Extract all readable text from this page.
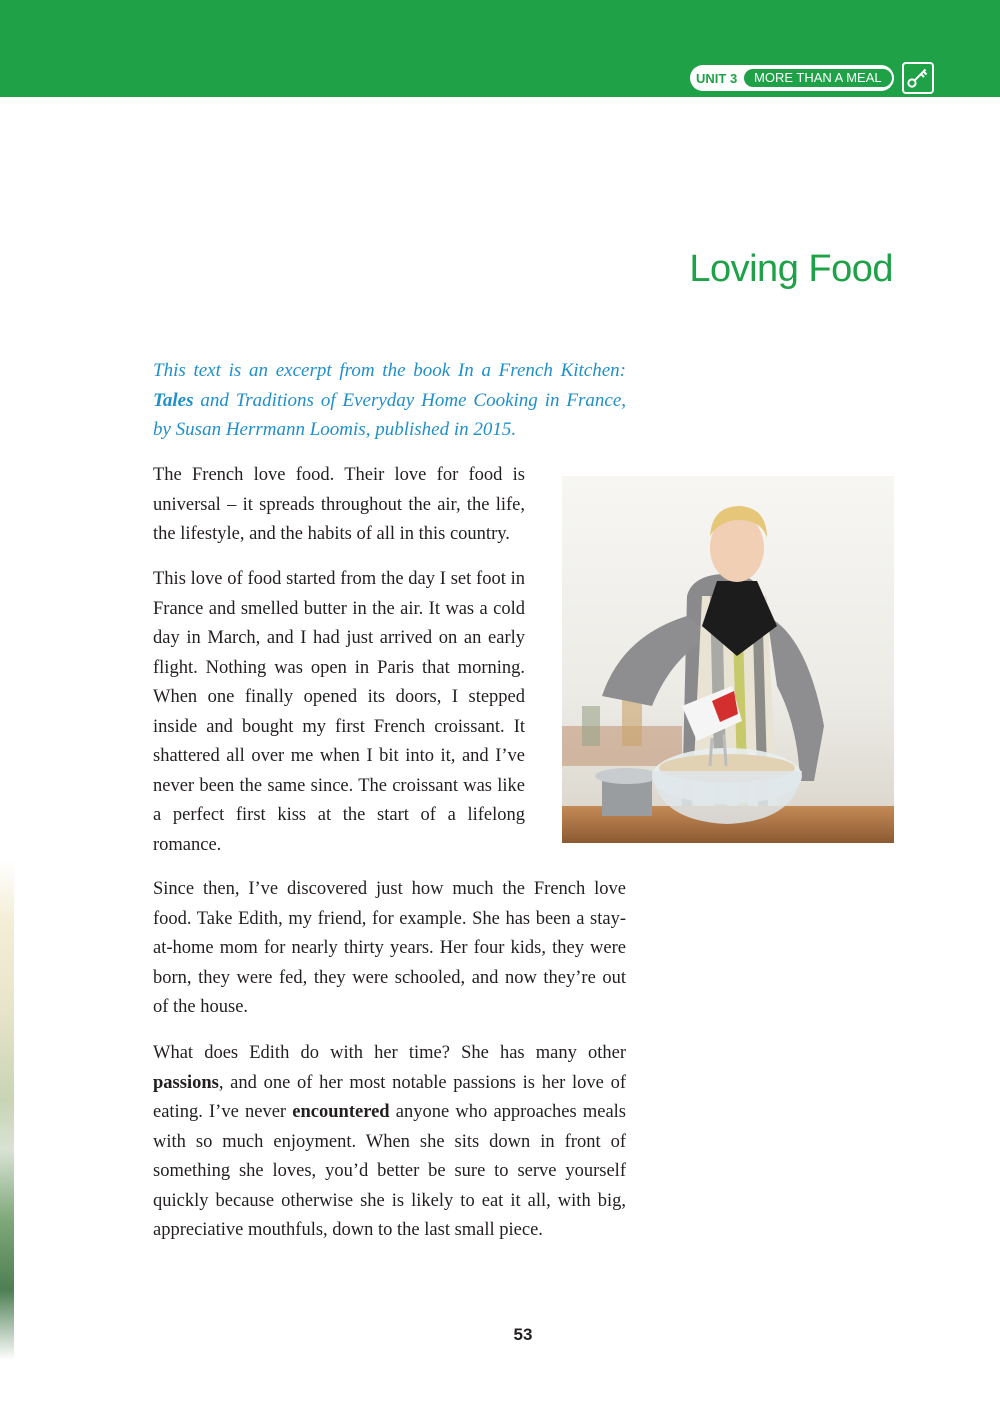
UNIT 3	MORE THAN A MEAL
Loving Food

This text is an excerpt from the book In a French Kitchen: Tales and Traditions of Everyday Home Cooking in France, by Susan Herrmann Loomis, published in 2015.

The French love food. Their love for food is universal – it spreads throughout the air, the life, the lifestyle, and the habits of all in this country.

This love of food started from the day I set foot in France and smelled butter in the air. It was a cold day in March, and I had just arrived on an early flight. Nothing was open in Paris that morning. When one finally opened its doors, I stepped inside and bought my first French croissant. It shattered all over me when I bit into it, and I’ve never been the same since. The croissant was like a perfect first kiss at the start of a lifelong romance.

Since then, I’ve discovered just how much the French love food. Take Edith, my friend, for example. She has been a stay-at-home mom for nearly thirty years. Her four kids, they were born, they were fed, they were schooled, and now they’re out of the house.

What does Edith do with her time? She has many other passions, and one of her most notable passions is her love of eating. I’ve never encountered anyone who approaches meals with so much enjoyment. When she sits down in front of something she loves, you’d better be sure to serve yourself quickly because otherwise she is likely to eat it all, with big, appreciative mouthfuls, down to the last small piece.

53
